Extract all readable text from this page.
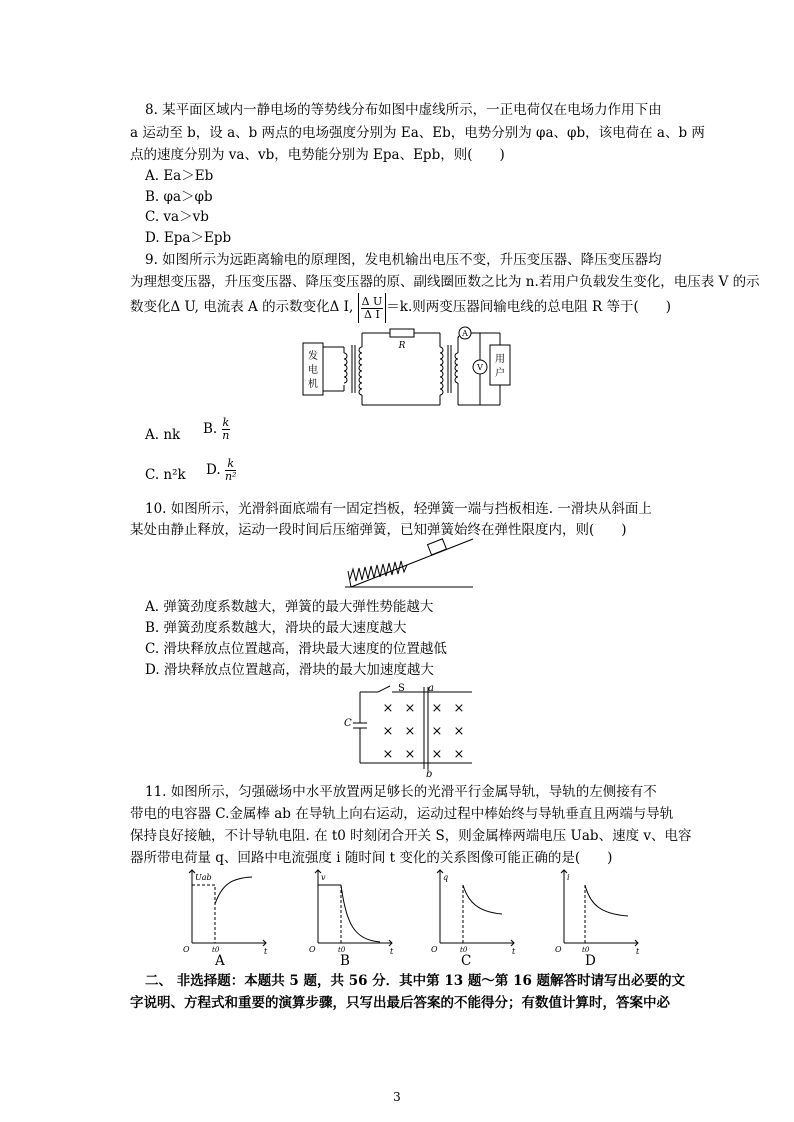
8. 某平面区域内一静电场的等势线分布如图中虚线所示，一正电荷仅在电场力作用下由
a 运动至 b，设 a、b 两点的电场强度分别为 Ea、Eb，电势分别为 φa、φb，该电荷在 a、b 两
点的速度分别为 va、vb，电势能分别为 Epa、Epb，则(　　)
A. Ea＞Eb
B. φa＞φb
C. va＞vb
D. Epa＞Epb
9. 如图所示为远距离输电的原理图，发电机输出电压不变，升压变压器、降压变压器均
为理想变压器，升压变压器、降压变压器的原、副线圈匝数之比为 n.若用户负载发生变化，电压表 V 的示
数变化Δ U, 电流表 A 的示数变化Δ I, $\frac{\text{Δ U}}{\text{Δ I}} =k$.则两变压器间输电线的总电阻 R 等于(　　)
发
电
机
用
户
R
A
V
A. nk B. $\frac{k}{n}$
C. n²k D. $\frac{k}{\text{n²}}$
10. 如图所示，光滑斜面底端有一固定挡板，轻弹簧一端与挡板相连. 一滑块从斜面上
某处由静止释放，运动一段时间后压缩弹簧，已知弹簧始终在弹性限度内，则(　　)
A. 弹簧劲度系数越大，弹簧的最大弹性势能越大
B. 弹簧劲度系数越大，滑块的最大速度越大
C. 滑块释放点位置越高，滑块最大速度的位置越低
D. 滑块释放点位置越高，滑块的最大加速度越大
× × × ×
× × × ×
× × × ×
S a
b
C
11. 如图所示，匀强磁场中水平放置两足够长的光滑平行金属导轨，导轨的左侧接有不
带电的电容器 C.金属棒 ab 在导轨上向右运动，运动过程中棒始终与导轨垂直且两端与导轨
保持良好接触，不计导轨电阻. 在 t0 时刻闭合开关 S，则金属棒两端电压 Uab、速度 v、电容
器所带电荷量 q、回路中电流强度 i 随时间 t 变化的关系图像可能正确的是(　　)
Uab
t
O	t0
A
v
t
O	t0
B
q
t
O	t0
C
i
t
O	t0
D
二、 非选择题：本题共 5 题，共 56 分．其中第 13 题～第 16 题解答时请写出必要的文
字说明、方程式和重要的演算步骤，只写出最后答案的不能得分；有数值计算时，答案中必
3
